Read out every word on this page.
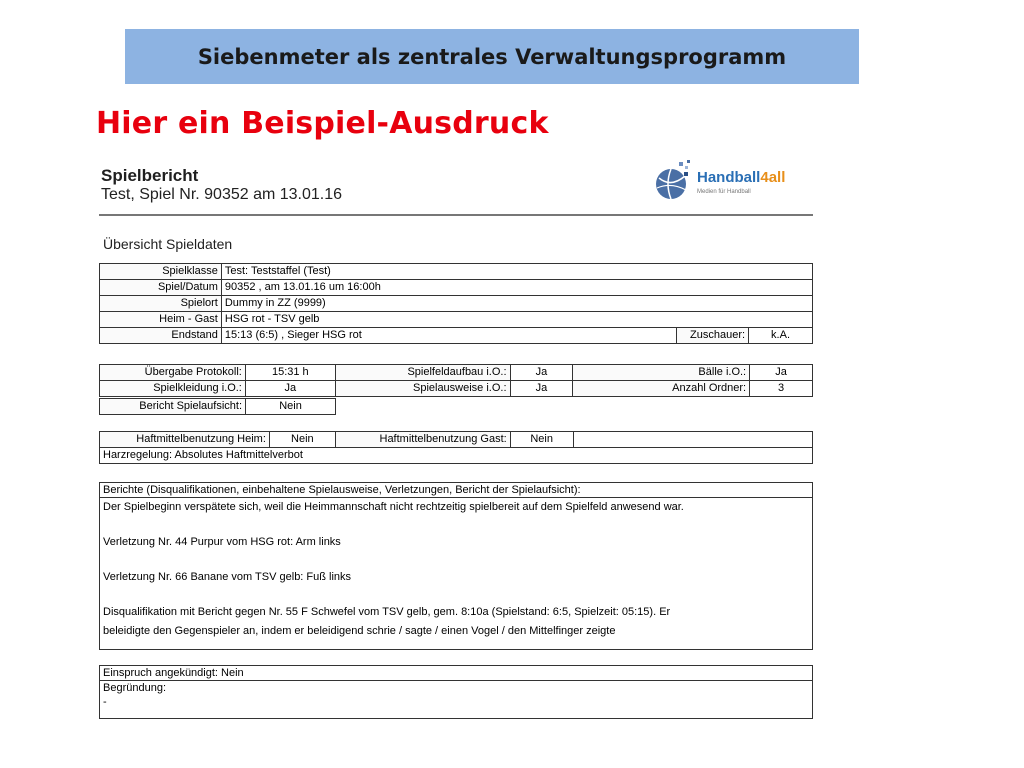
Siebenmeter als zentrales Verwaltungsprogramm
Hier ein Beispiel-Ausdruck
Spielbericht
Test, Spiel Nr. 90352 am 13.01.16
Handball4all
Medien für Handball
Übersicht Spieldaten
Spielklasse	Test: Teststaffel (Test)		
Spiel/Datum	90352 , am 13.01.16 um 16:00h		
Spielort	Dummy in ZZ (9999)		
Heim - Gast	HSG rot - TSV gelb		
Endstand	15:13 (6:5) , Sieger HSG rot	Zuschauer:	k.A.
Übergabe Protokoll:	15:31 h	Spielfeldaufbau i.O.:	Ja	Bälle i.O.:	Ja
Spielkleidung i.O.:	Ja	Spielausweise i.O.:	Ja	Anzahl Ordner:	3
Bericht Spielaufsicht:	Nein
Haftmittelbenutzung Heim:	Nein	Haftmittelbenutzung Gast:	Nein	
Harzregelung: Absolutes Haftmittelverbot
Berichte (Disqualifikationen, einbehaltene Spielausweise, Verletzungen, Bericht der Spielaufsicht):
Der Spielbeginn verspätete sich, weil die Heimmannschaft nicht rechtzeitig spielbereit auf dem Spielfeld anwesend war.
Verletzung Nr. 44 Purpur vom HSG rot: Arm links
Verletzung Nr. 66 Banane vom TSV gelb: Fuß links
Disqualifikation mit Bericht gegen Nr. 55 F Schwefel vom TSV gelb, gem. 8:10a (Spielstand: 6:5, Spielzeit: 05:15). Er
beleidigte den Gegenspieler an, indem er beleidigend schrie / sagte / einen Vogel / den Mittelfinger zeigte
Einspruch angekündigt: Nein
Begründung:
-
